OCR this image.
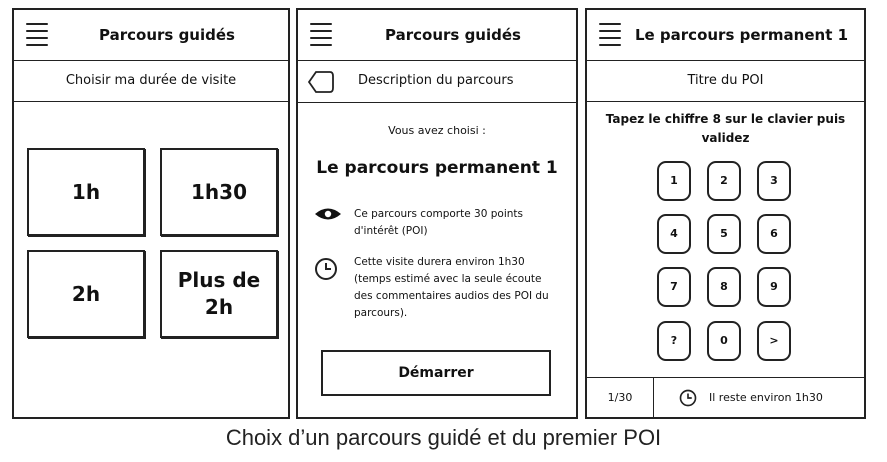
Parcours guidés
Choisir ma durée de visite
1h	1h30
2h
Plus de 2h
Parcours guidés
Description du parcours
Vous avez choisi :
Le parcours permanent 1
Ce parcours comporte 30 points d'intérêt (POI)
Cette visite durera environ 1h30 (temps estimé avec la seule écoute des commentaires audios des POI du parcours).
Démarrer
Le parcours permanent 1
Titre du POI
Tapez le chiffre 8 sur le clavier puis validez
1	2	3
4	5	6
7	8	9
?	0	>
1/30	Il reste environ 1h30
Choix d’un parcours guidé et du premier POI
